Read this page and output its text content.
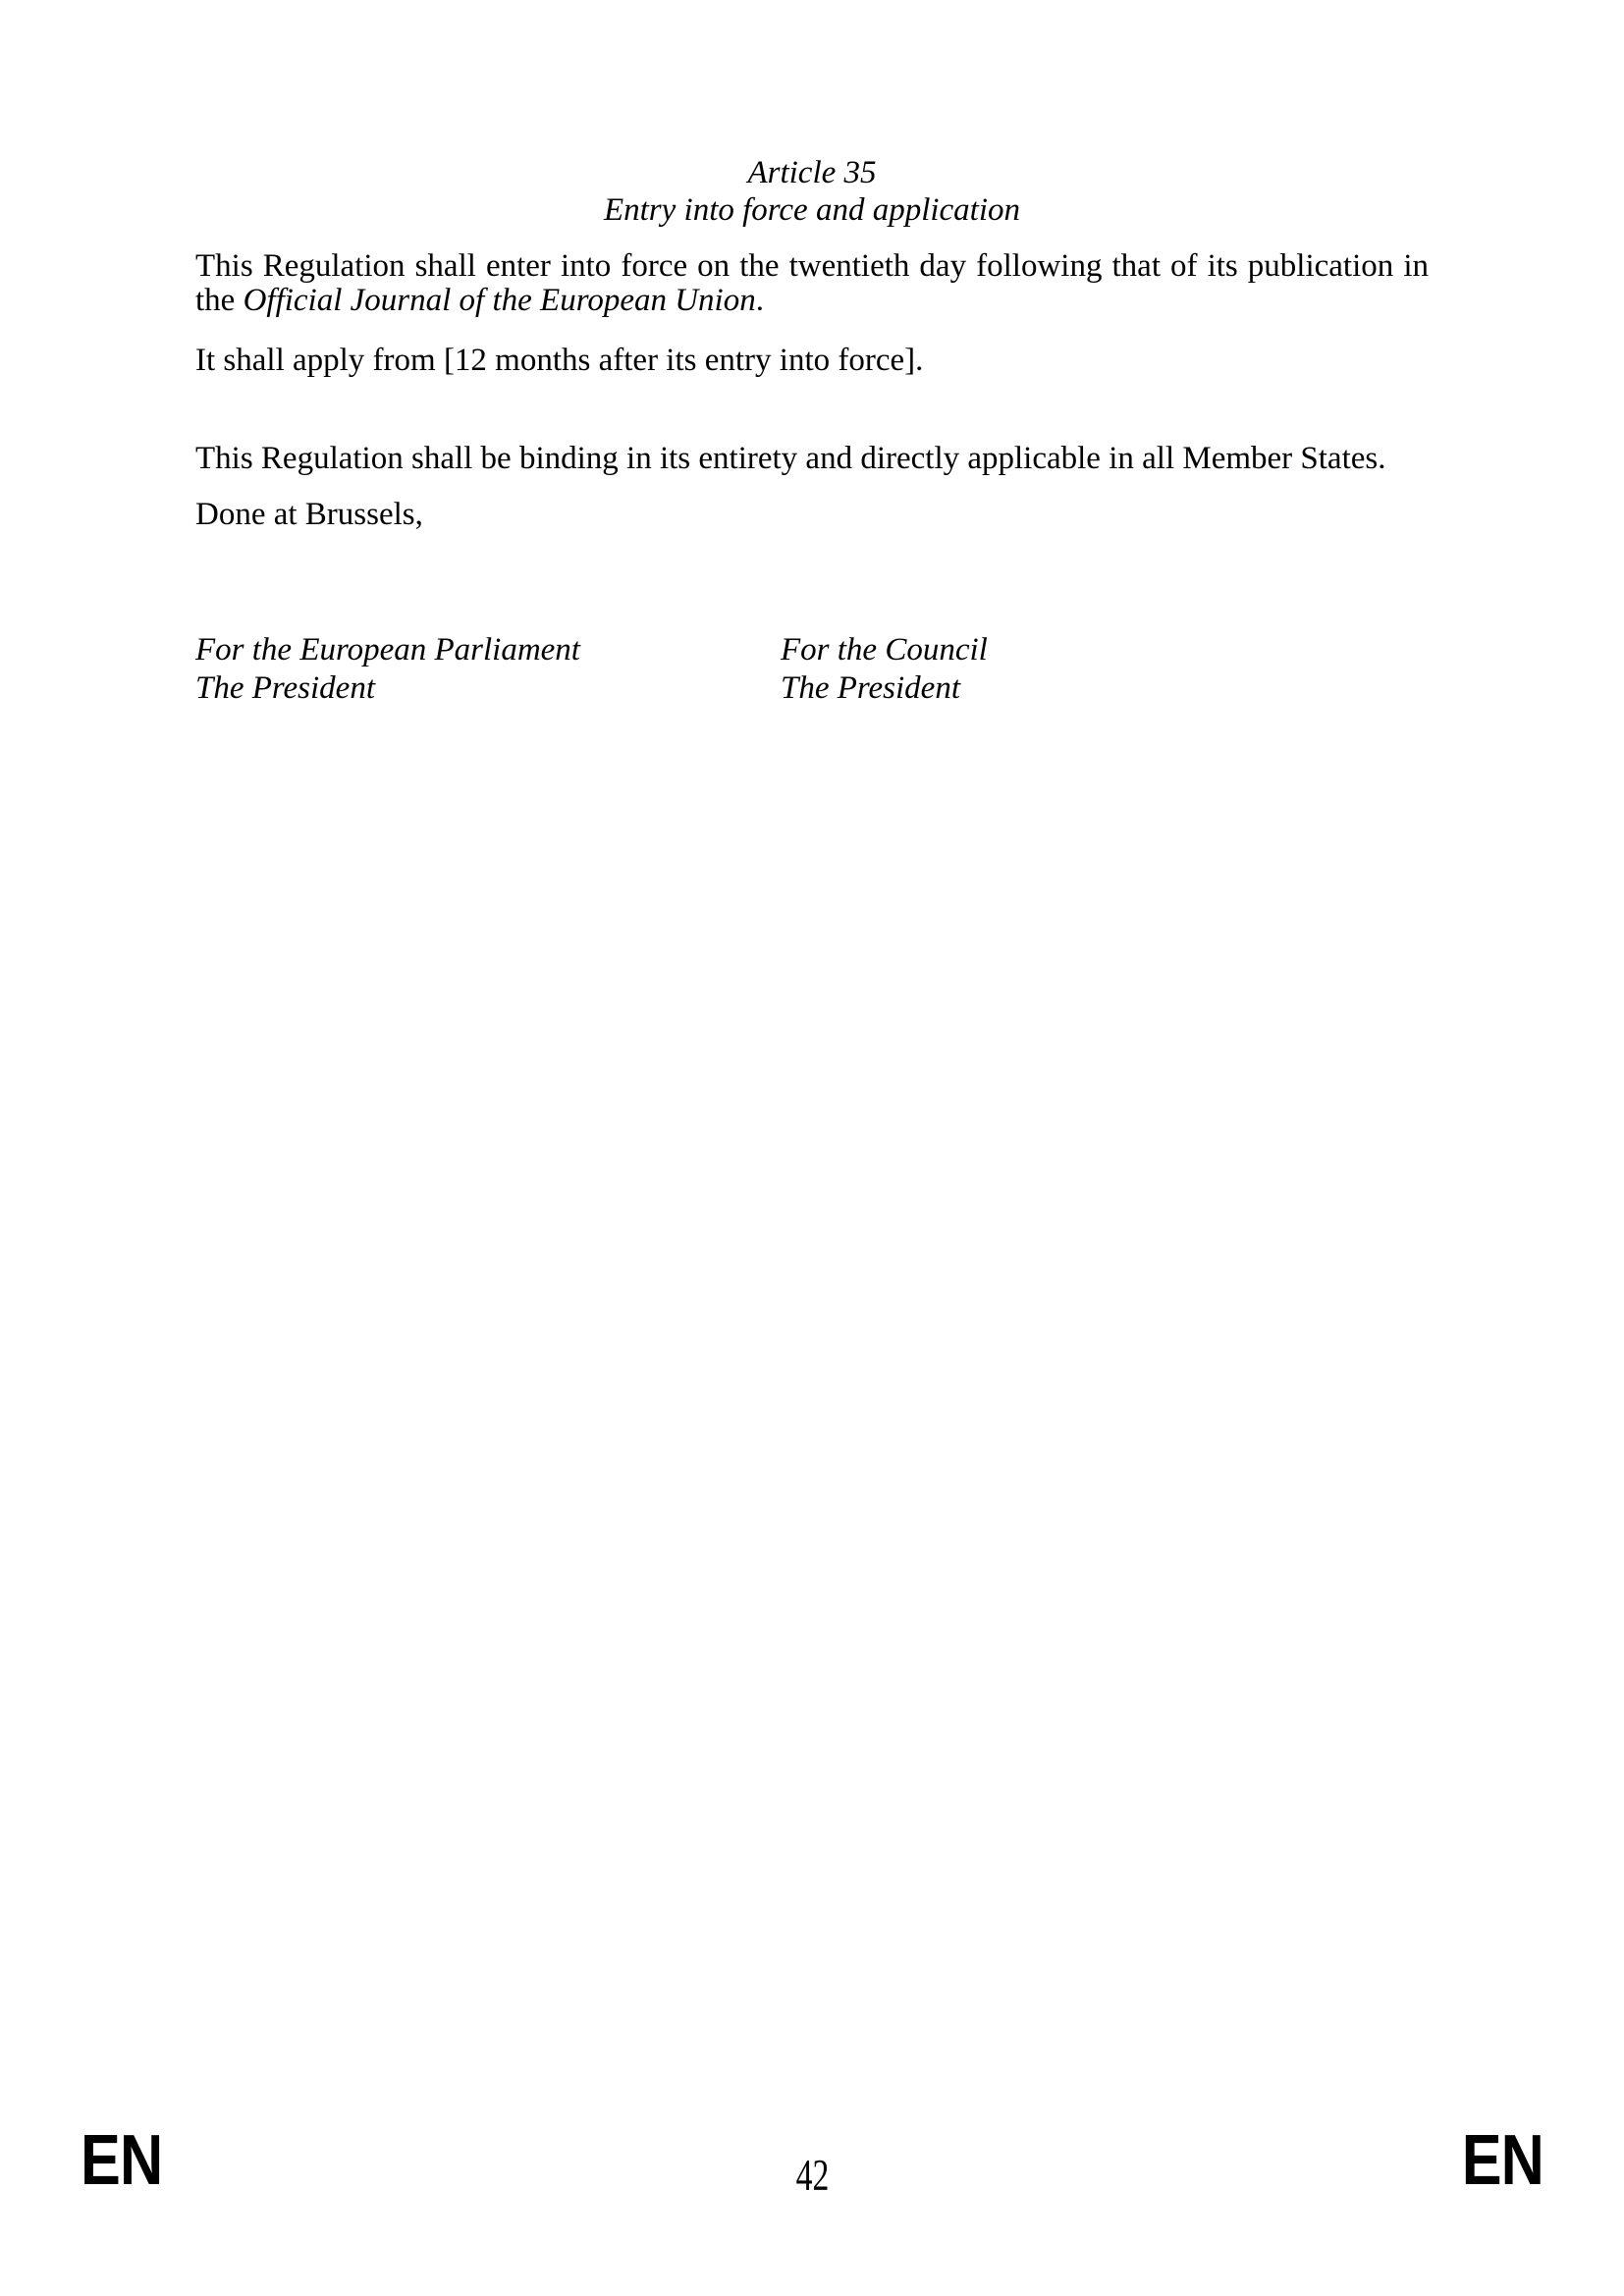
Article 35
Entry into force and application

This Regulation shall enter into force on the twentieth day following that of its publication in the Official Journal of the European Union.

It shall apply from [12 months after its entry into force].

This Regulation shall be binding in its entirety and directly applicable in all Member States.

Done at Brussels,

For the European Parliament
The President
For the Council
The President
EN	42	EN
